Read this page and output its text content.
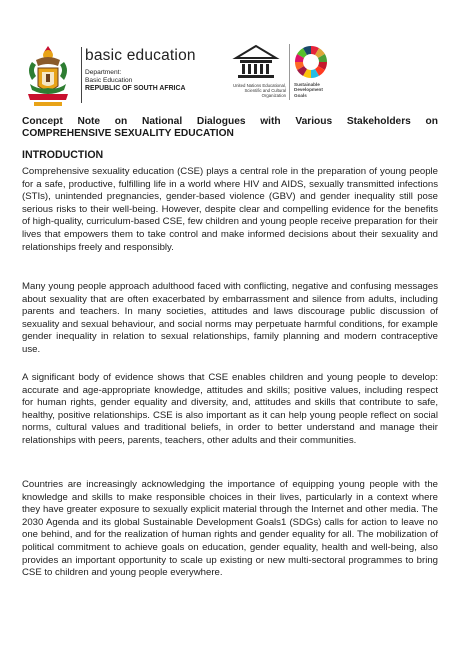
basic education
Department:
Basic Education
REPUBLIC OF SOUTH AFRICA	United Nations Educational, Scientific and Cultural Organization
Sustainable Development Goals
Concept Note on National Dialogues with Various Stakeholders on
COMPREHENSIVE SEXUALITY EDUCATION
INTRODUCTION
Comprehensive sexuality education (CSE) plays a central role in the preparation of young people for a safe, productive, fulfilling life in a world where HIV and AIDS, sexually transmitted infections (STIs), unintended pregnancies, gender-based violence (GBV) and gender inequality still pose serious risks to their well-being. However, despite clear and compelling evidence for the benefits of high-quality, curriculum-based CSE, few children and young people receive preparation for their lives that empowers them to take control and make informed decisions about their sexuality and relationships freely and responsibly.
Many young people approach adulthood faced with conflicting, negative and confusing messages about sexuality that are often exacerbated by embarrassment and silence from adults, including parents and teachers. In many societies, attitudes and laws discourage public discussion of sexuality and sexual behaviour, and social norms may perpetuate harmful conditions, for example gender inequality in relation to sexual relationships, family planning and modern contraceptive use.
A significant body of evidence shows that CSE enables children and young people to develop: accurate and age-appropriate knowledge, attitudes and skills; positive values, including respect for human rights, gender equality and diversity, and, attitudes and skills that contribute to safe, healthy, positive relationships. CSE is also important as it can help young people reflect on social norms, cultural values and traditional beliefs, in order to better understand and manage their relationships with peers, parents, teachers, other adults and their communities.
Countries are increasingly acknowledging the importance of equipping young people with the knowledge and skills to make responsible choices in their lives, particularly in a context where they have greater exposure to sexually explicit material through the Internet and other media. The 2030 Agenda and its global Sustainable Development Goals1 (SDGs) calls for action to leave no one behind, and for the realization of human rights and gender equality for all. The mobilization of political commitment to achieve goals on education, gender equality, health and well-being, also provides an important opportunity to scale up existing or new multi-sectoral programmes to bring CSE to children and young people everywhere.
